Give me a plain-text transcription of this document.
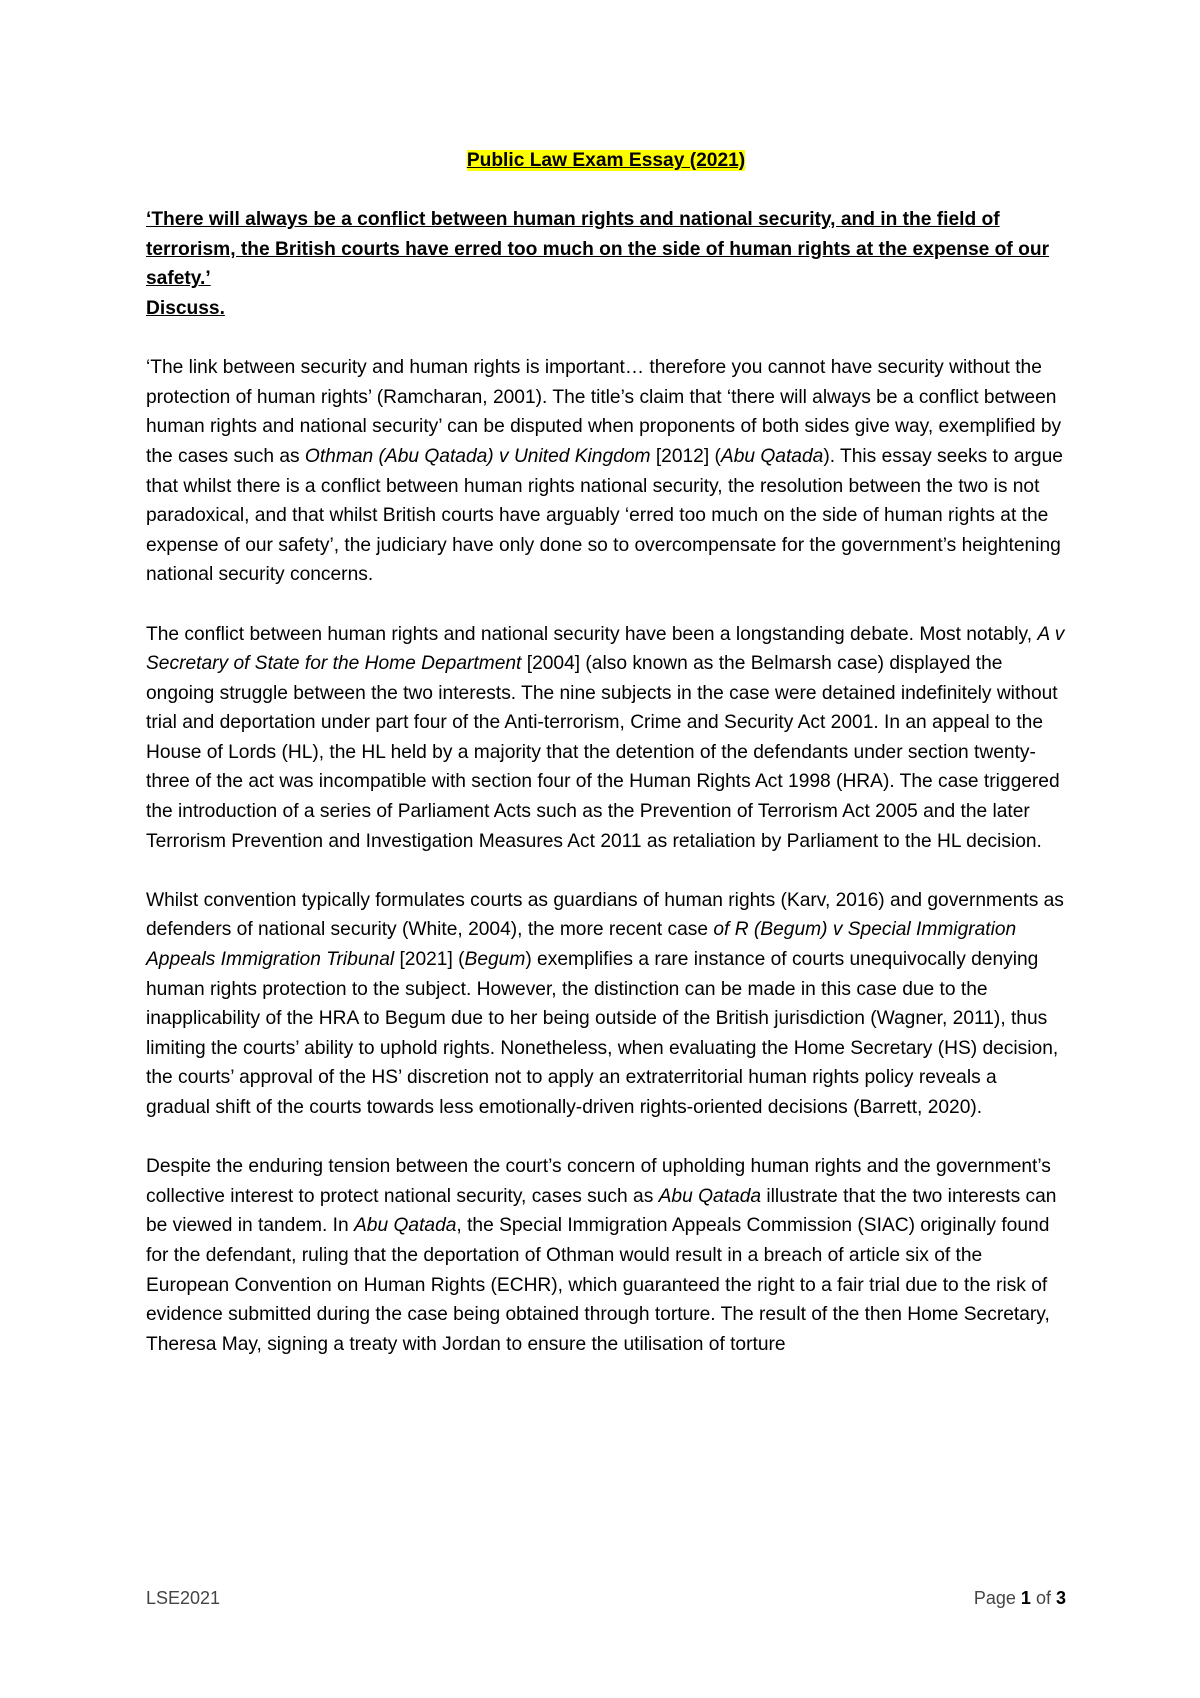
Public Law Exam Essay (2021)

‘There will always be a conflict between human rights and national security, and in the field of terrorism, the British courts have erred too much on the side of human rights at the expense of our safety.’

Discuss.

‘The link between security and human rights is important… therefore you cannot have security without the protection of human rights’ (Ramcharan, 2001). The title’s claim that ‘there will always be a conflict between human rights and national security’ can be disputed when proponents of both sides give way, exemplified by the cases such as Othman (Abu Qatada) v United Kingdom [2012] (Abu Qatada). This essay seeks to argue that whilst there is a conflict between human rights national security, the resolution between the two is not paradoxical, and that whilst British courts have arguably ‘erred too much on the side of human rights at the expense of our safety’, the judiciary have only done so to overcompensate for the government’s heightening national security concerns.

The conflict between human rights and national security have been a longstanding debate. Most notably, A v Secretary of State for the Home Department [2004] (also known as the Belmarsh case) displayed the ongoing struggle between the two interests. The nine subjects in the case were detained indefinitely without trial and deportation under part four of the Anti-terrorism, Crime and Security Act 2001. In an appeal to the House of Lords (HL), the HL held by a majority that the detention of the defendants under section twenty-three of the act was incompatible with section four of the Human Rights Act 1998 (HRA). The case triggered the introduction of a series of Parliament Acts such as the Prevention of Terrorism Act 2005 and the later Terrorism Prevention and Investigation Measures Act 2011 as retaliation by Parliament to the HL decision.

Whilst convention typically formulates courts as guardians of human rights (Karv, 2016) and governments as defenders of national security (White, 2004), the more recent case of R (Begum) v Special Immigration Appeals Immigration Tribunal [2021] (Begum) exemplifies a rare instance of courts unequivocally denying human rights protection to the subject. However, the distinction can be made in this case due to the inapplicability of the HRA to Begum due to her being outside of the British jurisdiction (Wagner, 2011), thus limiting the courts’ ability to uphold rights. Nonetheless, when evaluating the Home Secretary (HS) decision, the courts’ approval of the HS’ discretion not to apply an extraterritorial human rights policy reveals a gradual shift of the courts towards less emotionally-driven rights-oriented decisions (Barrett, 2020).

Despite the enduring tension between the court’s concern of upholding human rights and the government’s collective interest to protect national security, cases such as Abu Qatada illustrate that the two interests can be viewed in tandem. In Abu Qatada, the Special Immigration Appeals Commission (SIAC) originally found for the defendant, ruling that the deportation of Othman would result in a breach of article six of the European Convention on Human Rights (ECHR), which guaranteed the right to a fair trial due to the risk of evidence submitted during the case being obtained through torture. The result of the then Home Secretary, Theresa May, signing a treaty with Jordan to ensure the utilisation of torture

LSE2021	Page 1 of 3
